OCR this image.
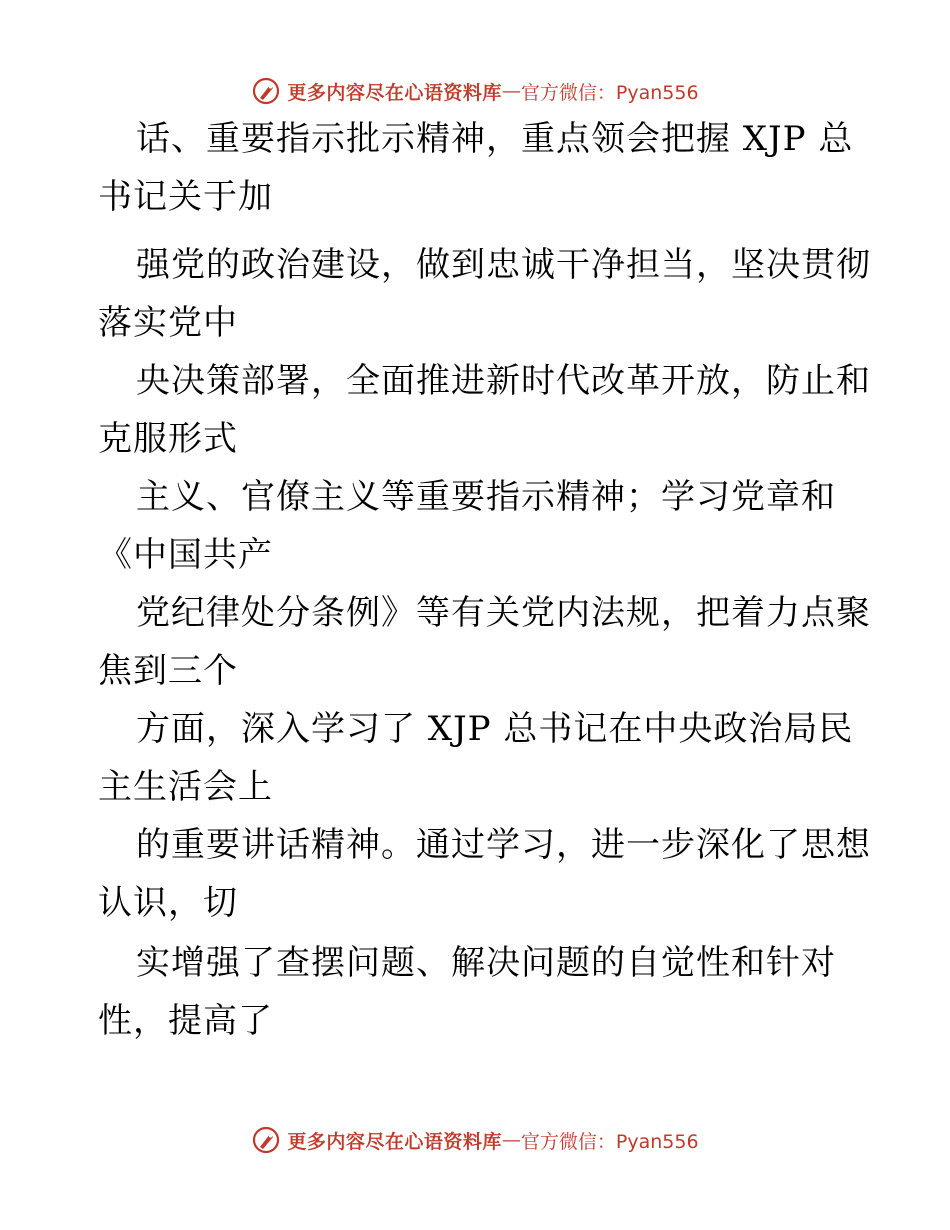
更多内容尽在心语资料库 — 官方微信：Pyan556
话、重要指示批示精神，重点领会把握 XJP 总
书记关于加
强党的政治建设，做到忠诚干净担当，坚决贯彻
落实党中
央决策部署，全面推进新时代改革开放，防止和
克服形式
主义、官僚主义等重要指示精神；学习党章和
《中国共产
党纪律处分条例》等有关党内法规，把着力点聚
焦到三个
方面，深入学习了 XJP 总书记在中央政治局民
主生活会上
的重要讲话精神。通过学习，进一步深化了思想
认识，切
实增强了查摆问题、解决问题的自觉性和针对
性，提高了
更多内容尽在心语资料库 — 官方微信：Pyan556
